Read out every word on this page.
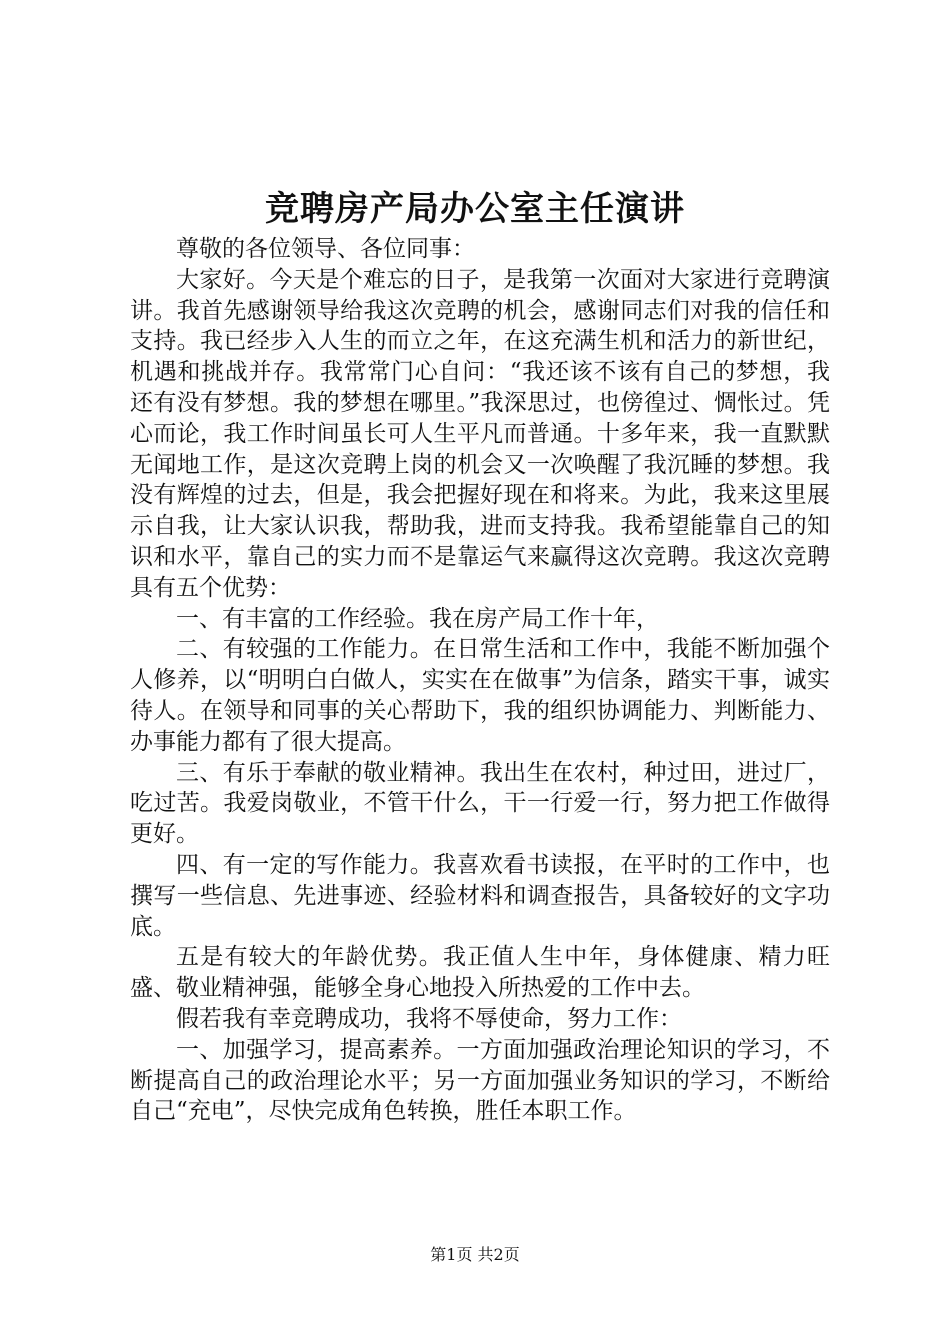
竞聘房产局办公室主任演讲

尊敬的各位领导、各位同事：

大家好。今天是个难忘的日子，是我第一次面对大家进行竞聘演讲。我首先感谢领导给我这次竞聘的机会，感谢同志们对我的信任和支持。我已经步入人生的而立之年，在这充满生机和活力的新世纪，机遇和挑战并存。我常常门心自问：“我还该不该有自己的梦想，我还有没有梦想。我的梦想在哪里。”我深思过，也傍徨过、惆怅过。凭心而论，我工作时间虽长可人生平凡而普通。十多年来，我一直默默无闻地工作，是这次竞聘上岗的机会又一次唤醒了我沉睡的梦想。我没有辉煌的过去，但是，我会把握好现在和将来。为此，我来这里展示自我，让大家认识我，帮助我，进而支持我。我希望能靠自己的知识和水平，靠自己的实力而不是靠运气来赢得这次竞聘。我这次竞聘具有五个优势：

一、有丰富的工作经验。我在房产局工作十年，

二、有较强的工作能力。在日常生活和工作中，我能不断加强个人修养，以“明明白白做人，实实在在做事”为信条，踏实干事，诚实待人。在领导和同事的关心帮助下，我的组织协调能力、判断能力、办事能力都有了很大提高。

三、有乐于奉献的敬业精神。我出生在农村，种过田，进过厂，吃过苦。我爱岗敬业，不管干什么，干一行爱一行，努力把工作做得更好。

四、有一定的写作能力。我喜欢看书读报，在平时的工作中，也撰写一些信息、先进事迹、经验材料和调查报告，具备较好的文字功底。

五是有较大的年龄优势。我正值人生中年，身体健康、精力旺盛、敬业精神强，能够全身心地投入所热爱的工作中去。

假若我有幸竞聘成功，我将不辱使命，努力工作：

一、加强学习，提高素养。一方面加强政治理论知识的学习，不断提高自己的政治理论水平；另一方面加强业务知识的学习，不断给自己“充电”，尽快完成角色转换，胜任本职工作。

第1页 共2页
